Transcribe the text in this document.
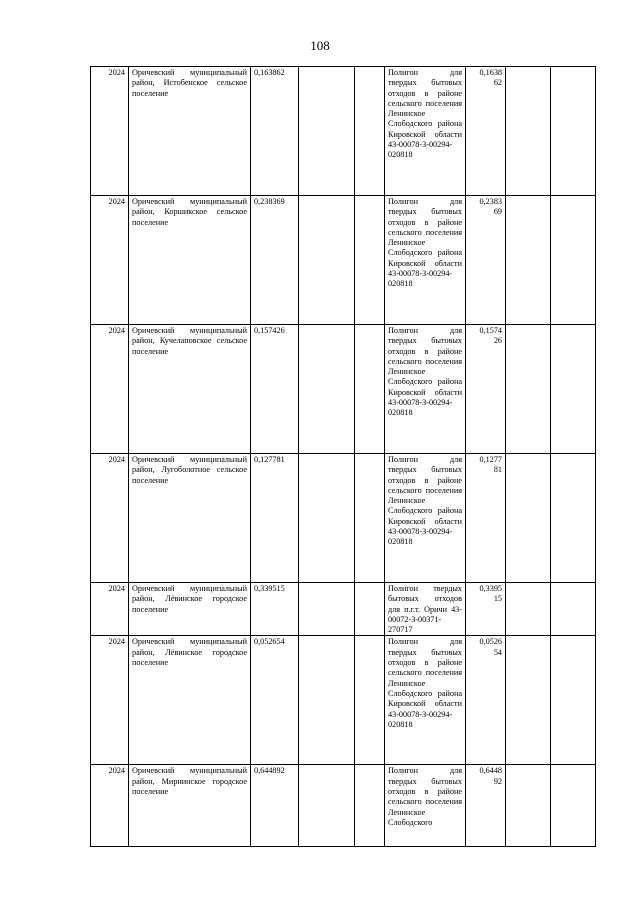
108
2024	Оричевский муниципальный район, Истобенское сельское поселение	0,163862			Полигон для твердых бытовых отходов в районе сельского поселения Ленинское Слободского района Кировской области 43-00078-З-00294-020818	0,1638
62		

2024	Оричевский муниципальный район, Коршикское сельское поселение	0,238369			Полигон для твердых бытовых отходов в районе сельского поселения Ленинское Слободского района Кировской области 43-00078-З-00294-020818	0,2383
69		

2024	Оричевский муниципальный район, Кучелаповское сельское поселение	0,157426			Полигон для твердых бытовых отходов в районе сельского поселения Ленинское Слободского района Кировской области 43-00078-З-00294-020818	0,1574
26		

2024	Оричевский муниципальный район, Лугоболотное сельское поселение	0,127781			Полигон для твердых бытовых отходов в районе сельского поселения Ленинское Слободского района Кировской области 43-00078-З-00294-020818	0,1277
81		

2024	Оричевский муниципальный район, Лёвинское городское поселение	0,339515			Полигон твердых бытовых отходов для п.г.т. Оричи 43-00072-З-00371-270717	0,3395
15		

2024	Оричевский муниципальный район, Лёвинское городское поселение	0,052654			Полигон для твердых бытовых отходов в районе сельского поселения Ленинское Слободского района Кировской области 43-00078-З-00294-020818	0,0526
54		

2024	Оричевский муниципальный район, Мирнинское городское поселение	0,644892			Полигон для твердых бытовых отходов в районе сельского поселения Ленинское Слободского	0,6448
92		
